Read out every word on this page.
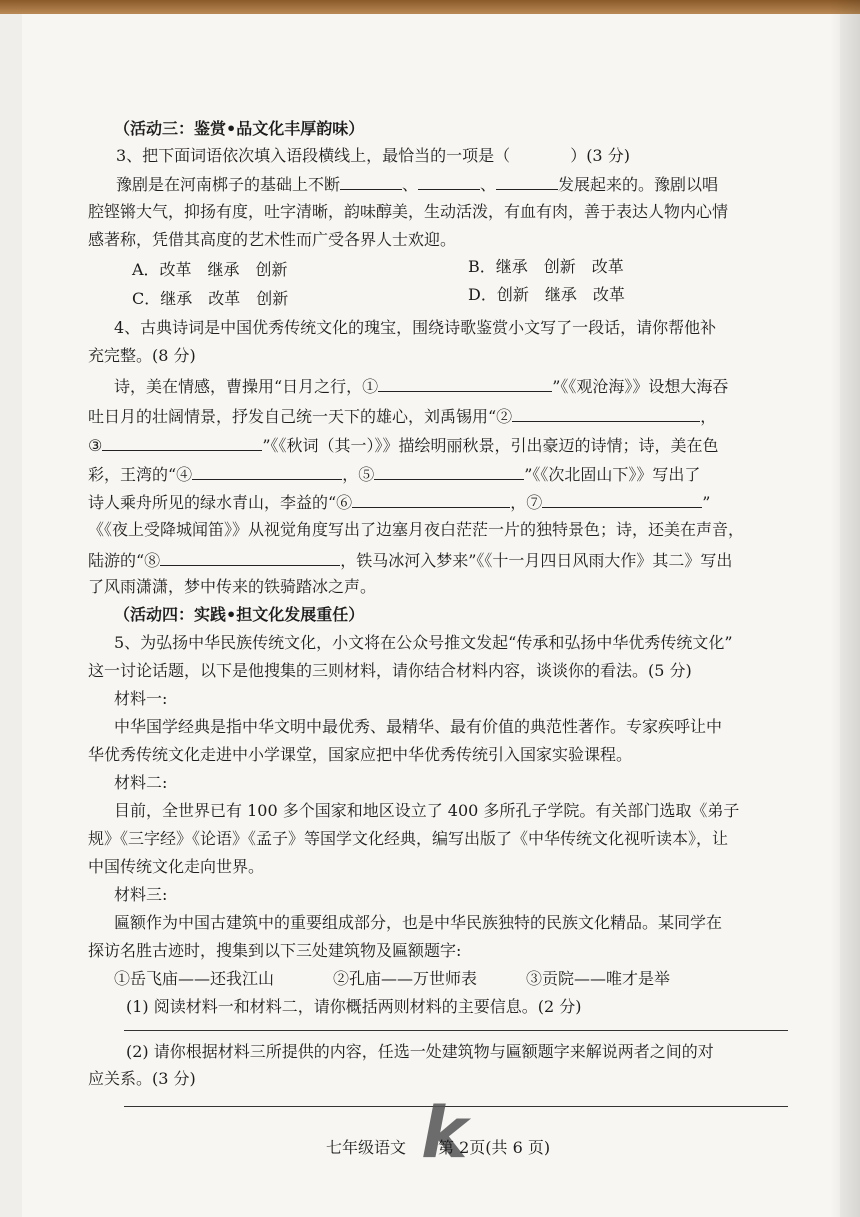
（活动三：鉴赏•品文化丰厚韵味）
3、把下面词语依次填入语段横线上，最恰当的一项是（	）(3 分)
豫剧是在河南梆子的基础上不断	、	、	发展起来的。豫剧以唱
腔铿锵大气，抑扬有度，吐字清晰，韵味醇美，生动活泼，有血有肉，善于表达人物内心情
感著称，凭借其高度的艺术性而广受各界人士欢迎。
A．改革　继承　创新	B．继承　创新　改革
C．继承　改革　创新	D．创新　继承　改革
4、古典诗词是中国优秀传统文化的瑰宝，围绕诗歌鉴赏小文写了一段话，请你帮他补
充完整。(8 分)
诗，美在情感，曹操用“日月之行，①	”《《观沧海》》设想大海吞
吐日月的壮阔情景，抒发自己统一天下的雄心，刘禹锡用“②	，
③	”《《秋词（其一）》》描绘明丽秋景，引出豪迈的诗情；诗，美在色
彩，王湾的“④	，⑤	”《《次北固山下》》写出了
诗人乘舟所见的绿水青山，李益的“⑥	，⑦	”
《《夜上受降城闻笛》》从视觉角度写出了边塞月夜白茫茫一片的独特景色；诗，还美在声音，
陆游的“⑧	，铁马冰河入梦来”《《十一月四日风雨大作》其二》写出
了风雨潇潇，梦中传来的铁骑踏冰之声。
（活动四：实践•担文化发展重任）
5、为弘扬中华民族传统文化，小文将在公众号推文发起“传承和弘扬中华优秀传统文化”
这一讨论话题，以下是他搜集的三则材料，请你结合材料内容，谈谈你的看法。(5 分)
材料一:
中华国学经典是指中华文明中最优秀、最精华、最有价值的典范性著作。专家疾呼让中
华优秀传统文化走进中小学课堂，国家应把中华优秀传统引入国家实验课程。
材料二:
目前，全世界已有 100 多个国家和地区设立了 400 多所孔子学院。有关部门选取《弟子
规》《三字经》《论语》《孟子》等国学文化经典，编写出版了《中华传统文化视听读本》，让
中国传统文化走向世界。
材料三:
匾额作为中国古建筑中的重要组成部分，也是中华民族独特的民族文化精品。某同学在
探访名胜古迹时，搜集到以下三处建筑物及匾额题字:
①岳飞庙——还我江山	②孔庙——万世师表	③贡院——唯才是举
(1) 阅读材料一和材料二，请你概括两则材料的主要信息。(2 分)
(2) 请你根据材料三所提供的内容，任选一处建筑物与匾额题字来解说两者之间的对
应关系。(3 分)
七年级语文 k
第 2页(共 6 页)
